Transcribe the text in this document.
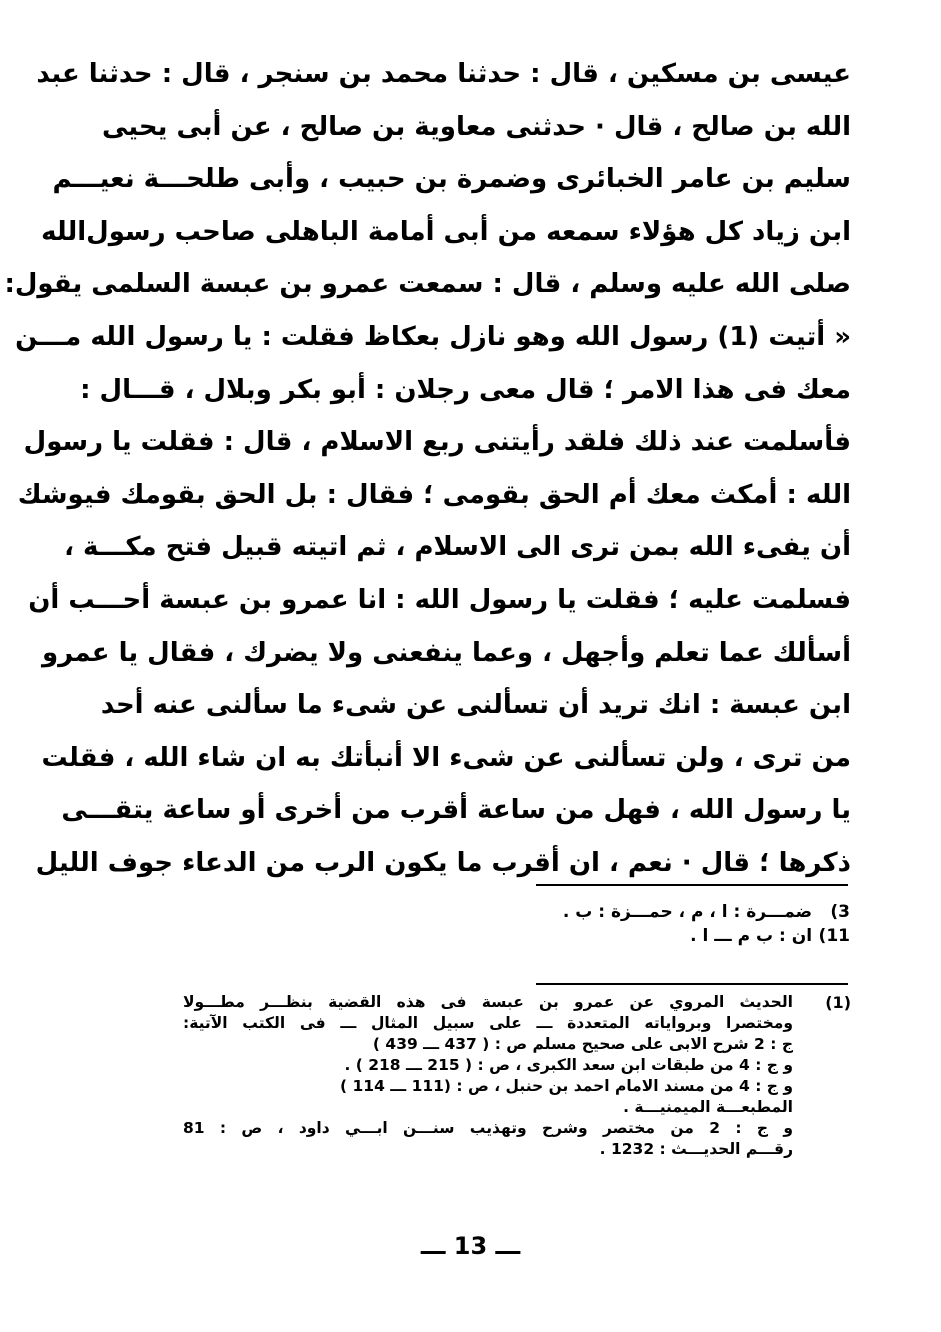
عيسى بن مسكين ، قال : حدثنا محمد بن سنجر ، قال : حدثنا عبد
الله بن صالح ، قال · حدثنى معاوية بن صالح ، عن أبى يحيى
سليم بن عامر الخبائرى وضمرة بن حبيب ، وأبى طلحـــة نعيـــم
ابن زياد كل هؤلاء سمعه من أبى أمامة الباهلى صاحب رسول‌الله
صلى الله عليه وسلم ، قال : سمعت عمرو بن عبسة السلمى يقول:
« أتيت (1) رسول الله وهو نازل بعكاظ فقلت : يا رسول الله مـــن
معك فى هذا الامر ؛ قال معى رجلان : أبو بكر وبلال ، قـــال :
فأسلمت عند ذلك فلقد رأيتنى ربع الاسلام ، قال : فقلت يا رسول
الله : أمكث معك أم الحق بقومى ؛ فقال : بل الحق بقومك فيوشك
أن يفىء الله بمن ترى الى الاسلام ، ثم اتيته قبيل فتح مكـــة ،
فسلمت عليه ؛ فقلت يا رسول الله : انا عمرو بن عبسة أحـــب أن
أسألك عما تعلم وأجهل ، وعما ينفعنى ولا يضرك ، فقال يا عمرو
ابن عبسة : انك تريد أن تسألنى عن شىء ما سألنى عنه أحد
من ترى ، ولن تسألنى عن شىء الا أنبأتك به ان شاء الله ، فقلت
يا رسول الله ، فهل من ساعة أقرب من أخرى أو ساعة يتقـــى
ذكرها ؛ قال · نعم ، ان أقرب ما يكون الرب من الدعاء جوف الليل
3) ضمـــرة : ا ، م ، حمـــزة : ب .
11) ان : ب م ـــ ا .
(1)
الحديث المروي عن عمرو بن عبسة فى هذه القضية بنظـــر مطـــولا
ومختصرا وبرواياته المتعددة ـــ على سبيل المثال ـــ فى الكتب الآتية:
ج : 2 شرح الابى على صحيح مسلم ص : ( 437 ـــ 439 )
و ج : 4 من طبقات ابن سعد الكبرى ، ص : ( 215 ـــ 218 ) .
و ج : 4 من مسند الامام احمد بن حنبل ، ص : (111 ـــ 114 )
المطبعـــة الميمنيـــة .
و ج : 2 من مختصر وشرح وتهذيب سنـــن ابـــي داود ، ص : 81
رقـــم الحديـــث : 1232 .
ـــ 13 ـــ
